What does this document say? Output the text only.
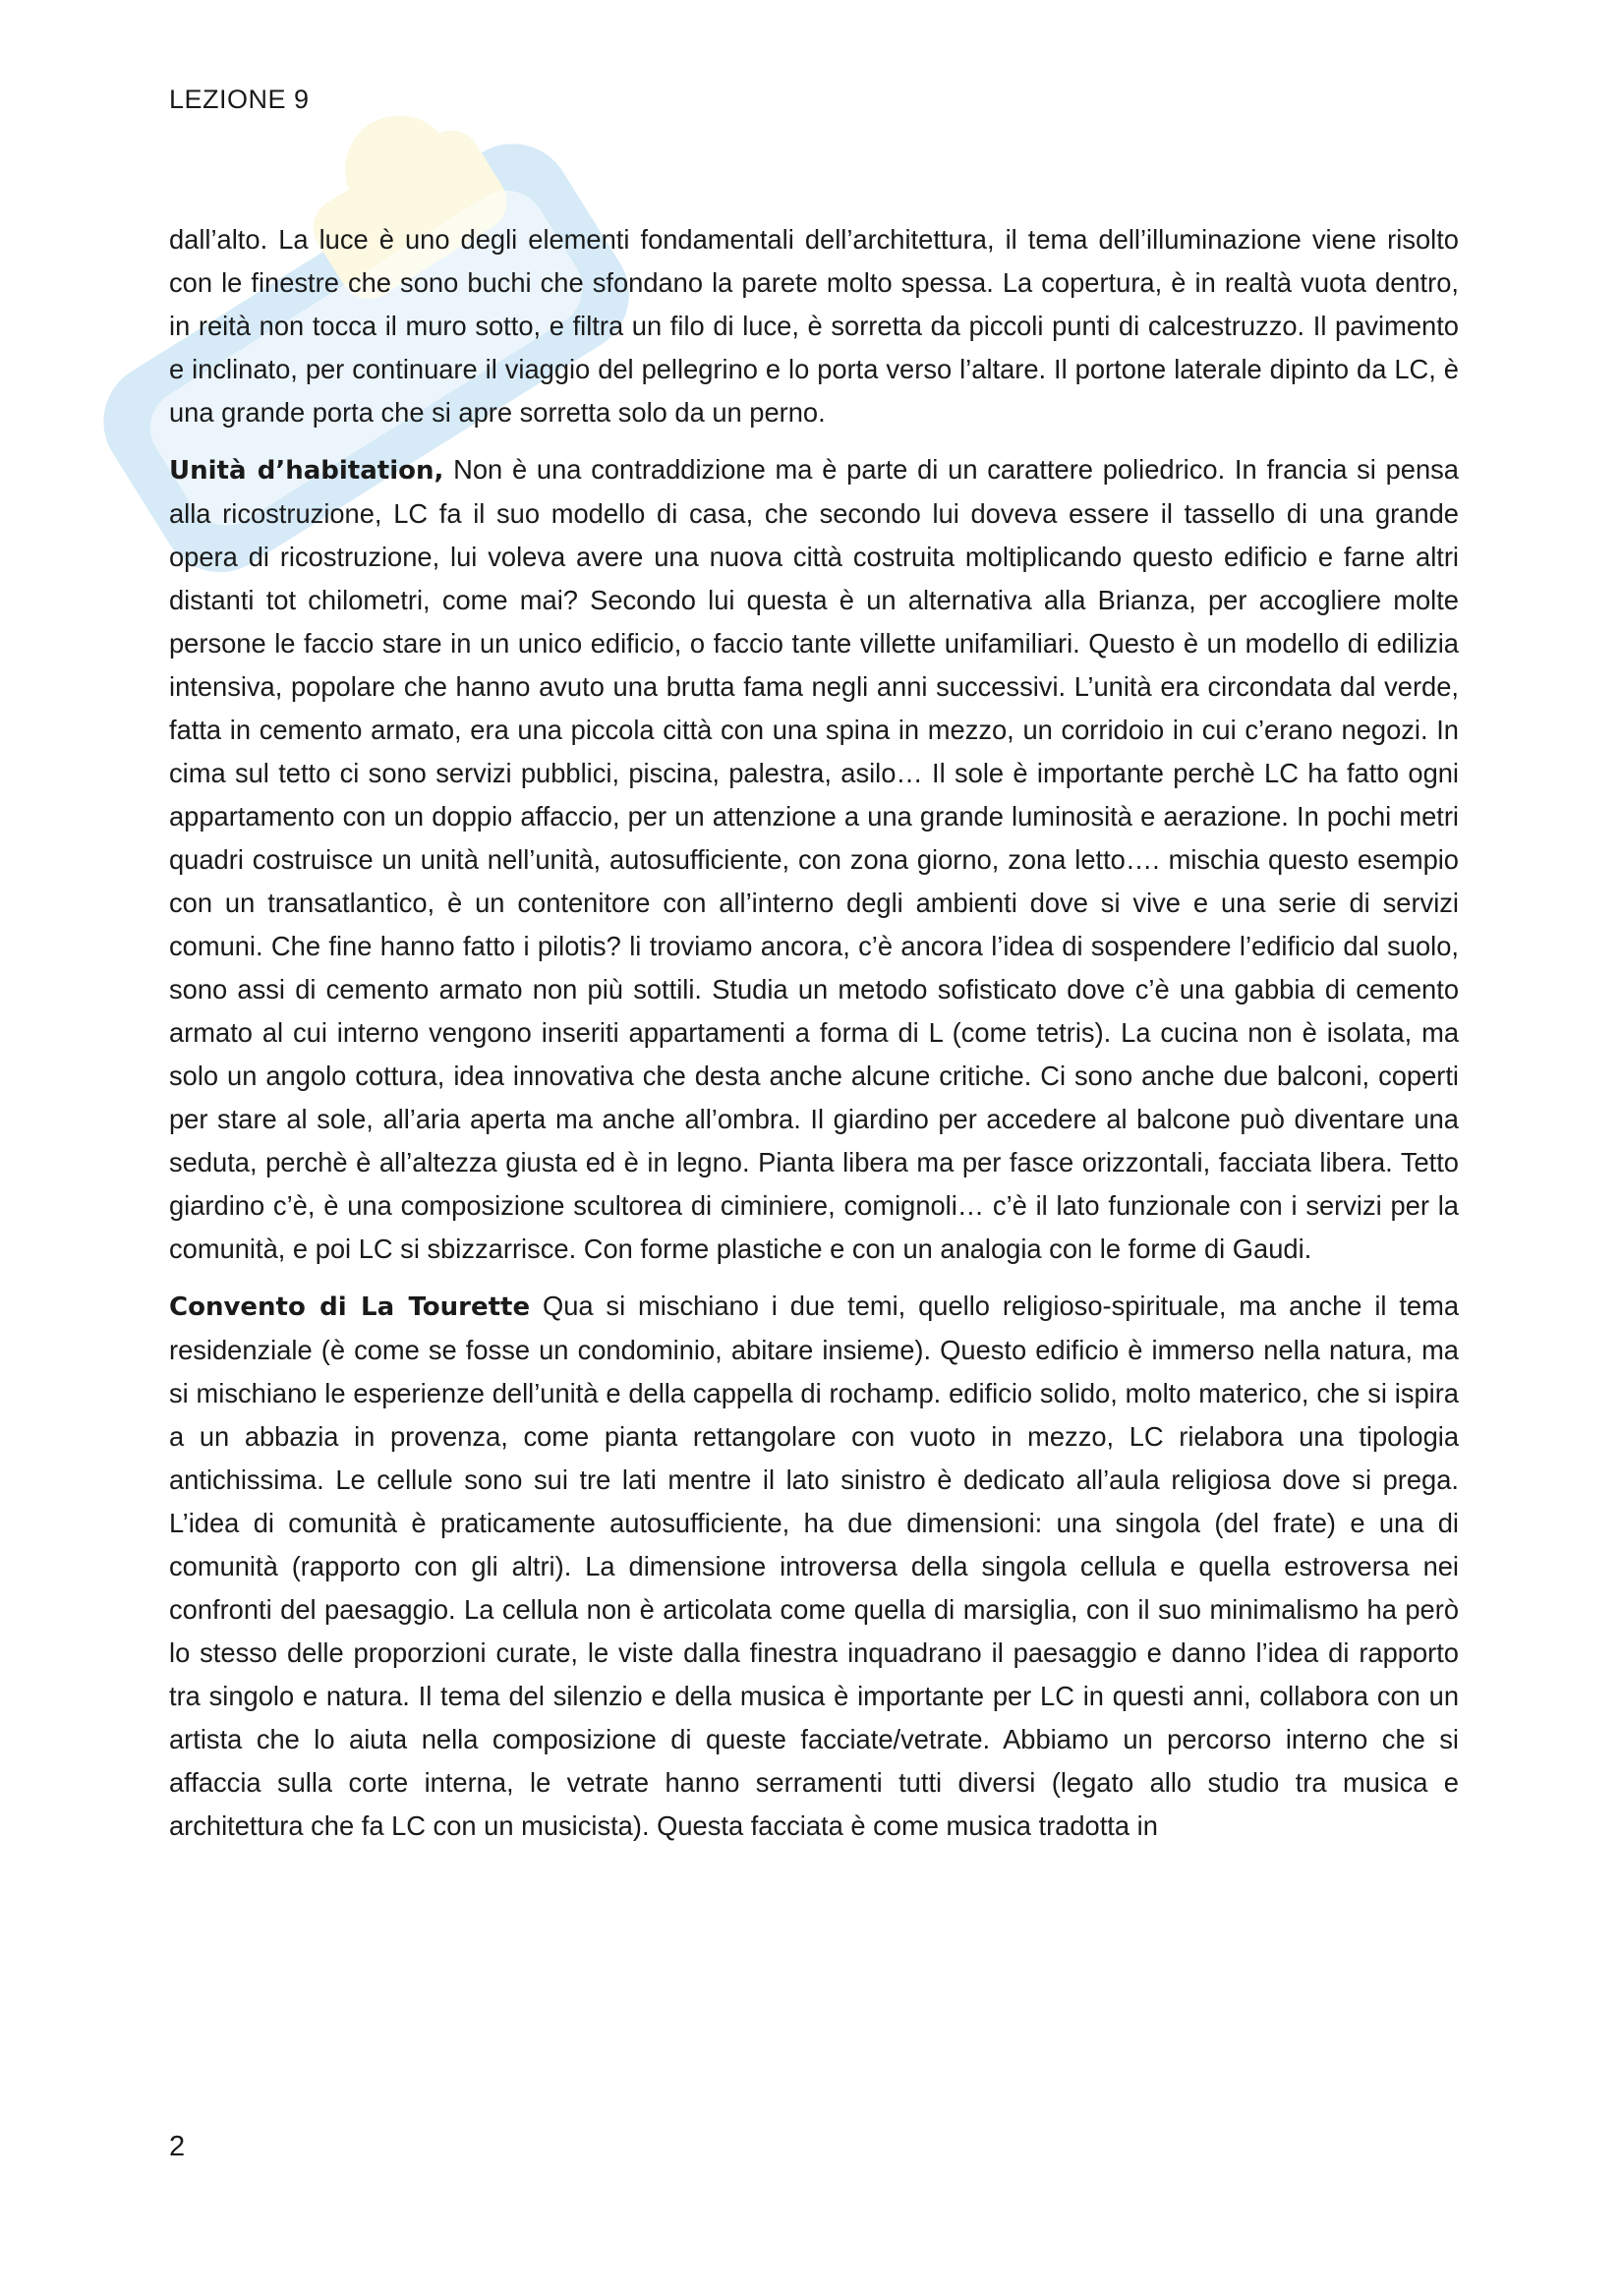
LEZIONE 9

dall’alto. La luce è uno degli elementi fondamentali dell’architettura, il tema dell’illuminazione viene risolto con le finestre che sono buchi che sfondano la parete molto spessa. La copertura, è in realtà vuota dentro, in reità non tocca il muro sotto, e filtra un filo di luce, è sorretta da piccoli punti di calcestruzzo. Il pavimento e inclinato, per continuare il viaggio del pellegrino e lo porta verso l’altare. Il portone laterale dipinto da LC, è una grande porta che si apre sorretta solo da un perno.

Unità d’habitation, Non è una contraddizione ma è parte di un carattere poliedrico. In francia si pensa alla ricostruzione, LC fa il suo modello di casa, che secondo lui doveva essere il tassello di una grande opera di ricostruzione, lui voleva avere una nuova città costruita moltiplicando questo edificio e farne altri distanti tot chilometri, come mai? Secondo lui questa è un alternativa alla Brianza, per accogliere molte persone le faccio stare in un unico edificio, o faccio tante villette unifamiliari. Questo è un modello di edilizia intensiva, popolare che hanno avuto una brutta fama negli anni successivi. L’unità era circondata dal verde, fatta in cemento armato, era una piccola città con una spina in mezzo, un corridoio in cui c’erano negozi. In cima sul tetto ci sono servizi pubblici, piscina, palestra, asilo… Il sole è importante perchè LC ha fatto ogni appartamento con un doppio affaccio, per un attenzione a una grande luminosità e aerazione. In pochi metri quadri costruisce un unità nell’unità, autosufficiente, con zona giorno, zona letto…. mischia questo esempio con un transatlantico, è un contenitore con all’interno degli ambienti dove si vive e una serie di servizi comuni. Che fine hanno fatto i pilotis? li troviamo ancora, c’è ancora l’idea di sospendere l’edificio dal suolo, sono assi di cemento armato non più sottili. Studia un metodo sofisticato dove c’è una gabbia di cemento armato al cui interno vengono inseriti appartamenti a forma di L (come tetris). La cucina non è isolata, ma solo un angolo cottura, idea innovativa che desta anche alcune critiche. Ci sono anche due balconi, coperti per stare al sole, all’aria aperta ma anche all’ombra. Il giardino per accedere al balcone può diventare una seduta, perchè è all’altezza giusta ed è in legno. Pianta libera ma per fasce orizzontali, facciata libera. Tetto giardino c’è, è una composizione scultorea di ciminiere, comignoli… c’è il lato funzionale con i servizi per la comunità, e poi LC si sbizzarrisce. Con forme plastiche e con un analogia con le forme di Gaudi.

Convento di La Tourette Qua si mischiano i due temi, quello religioso-spirituale, ma anche il tema residenziale (è come se fosse un condominio, abitare insieme). Questo edificio è immerso nella natura, ma si mischiano le esperienze dell’unità e della cappella di rochamp. edificio solido, molto materico, che si ispira a un abbazia in provenza, come pianta rettangolare con vuoto in mezzo, LC rielabora una tipologia antichissima. Le cellule sono sui tre lati mentre il lato sinistro è dedicato all’aula religiosa dove si prega. L’idea di comunità è praticamente autosufficiente, ha due dimensioni: una singola (del frate) e una di comunità (rapporto con gli altri). La dimensione introversa della singola cellula e quella estroversa nei confronti del paesaggio. La cellula non è articolata come quella di marsiglia, con il suo minimalismo ha però lo stesso delle proporzioni curate, le viste dalla finestra inquadrano il paesaggio e danno l’idea di rapporto tra singolo e natura. Il tema del silenzio e della musica è importante per LC in questi anni, collabora con un artista che lo aiuta nella composizione di queste facciate/vetrate. Abbiamo un percorso interno che si affaccia sulla corte interna, le vetrate hanno serramenti tutti diversi (legato allo studio tra musica e architettura che fa LC con un musicista). Questa facciata è come musica tradotta in

2
